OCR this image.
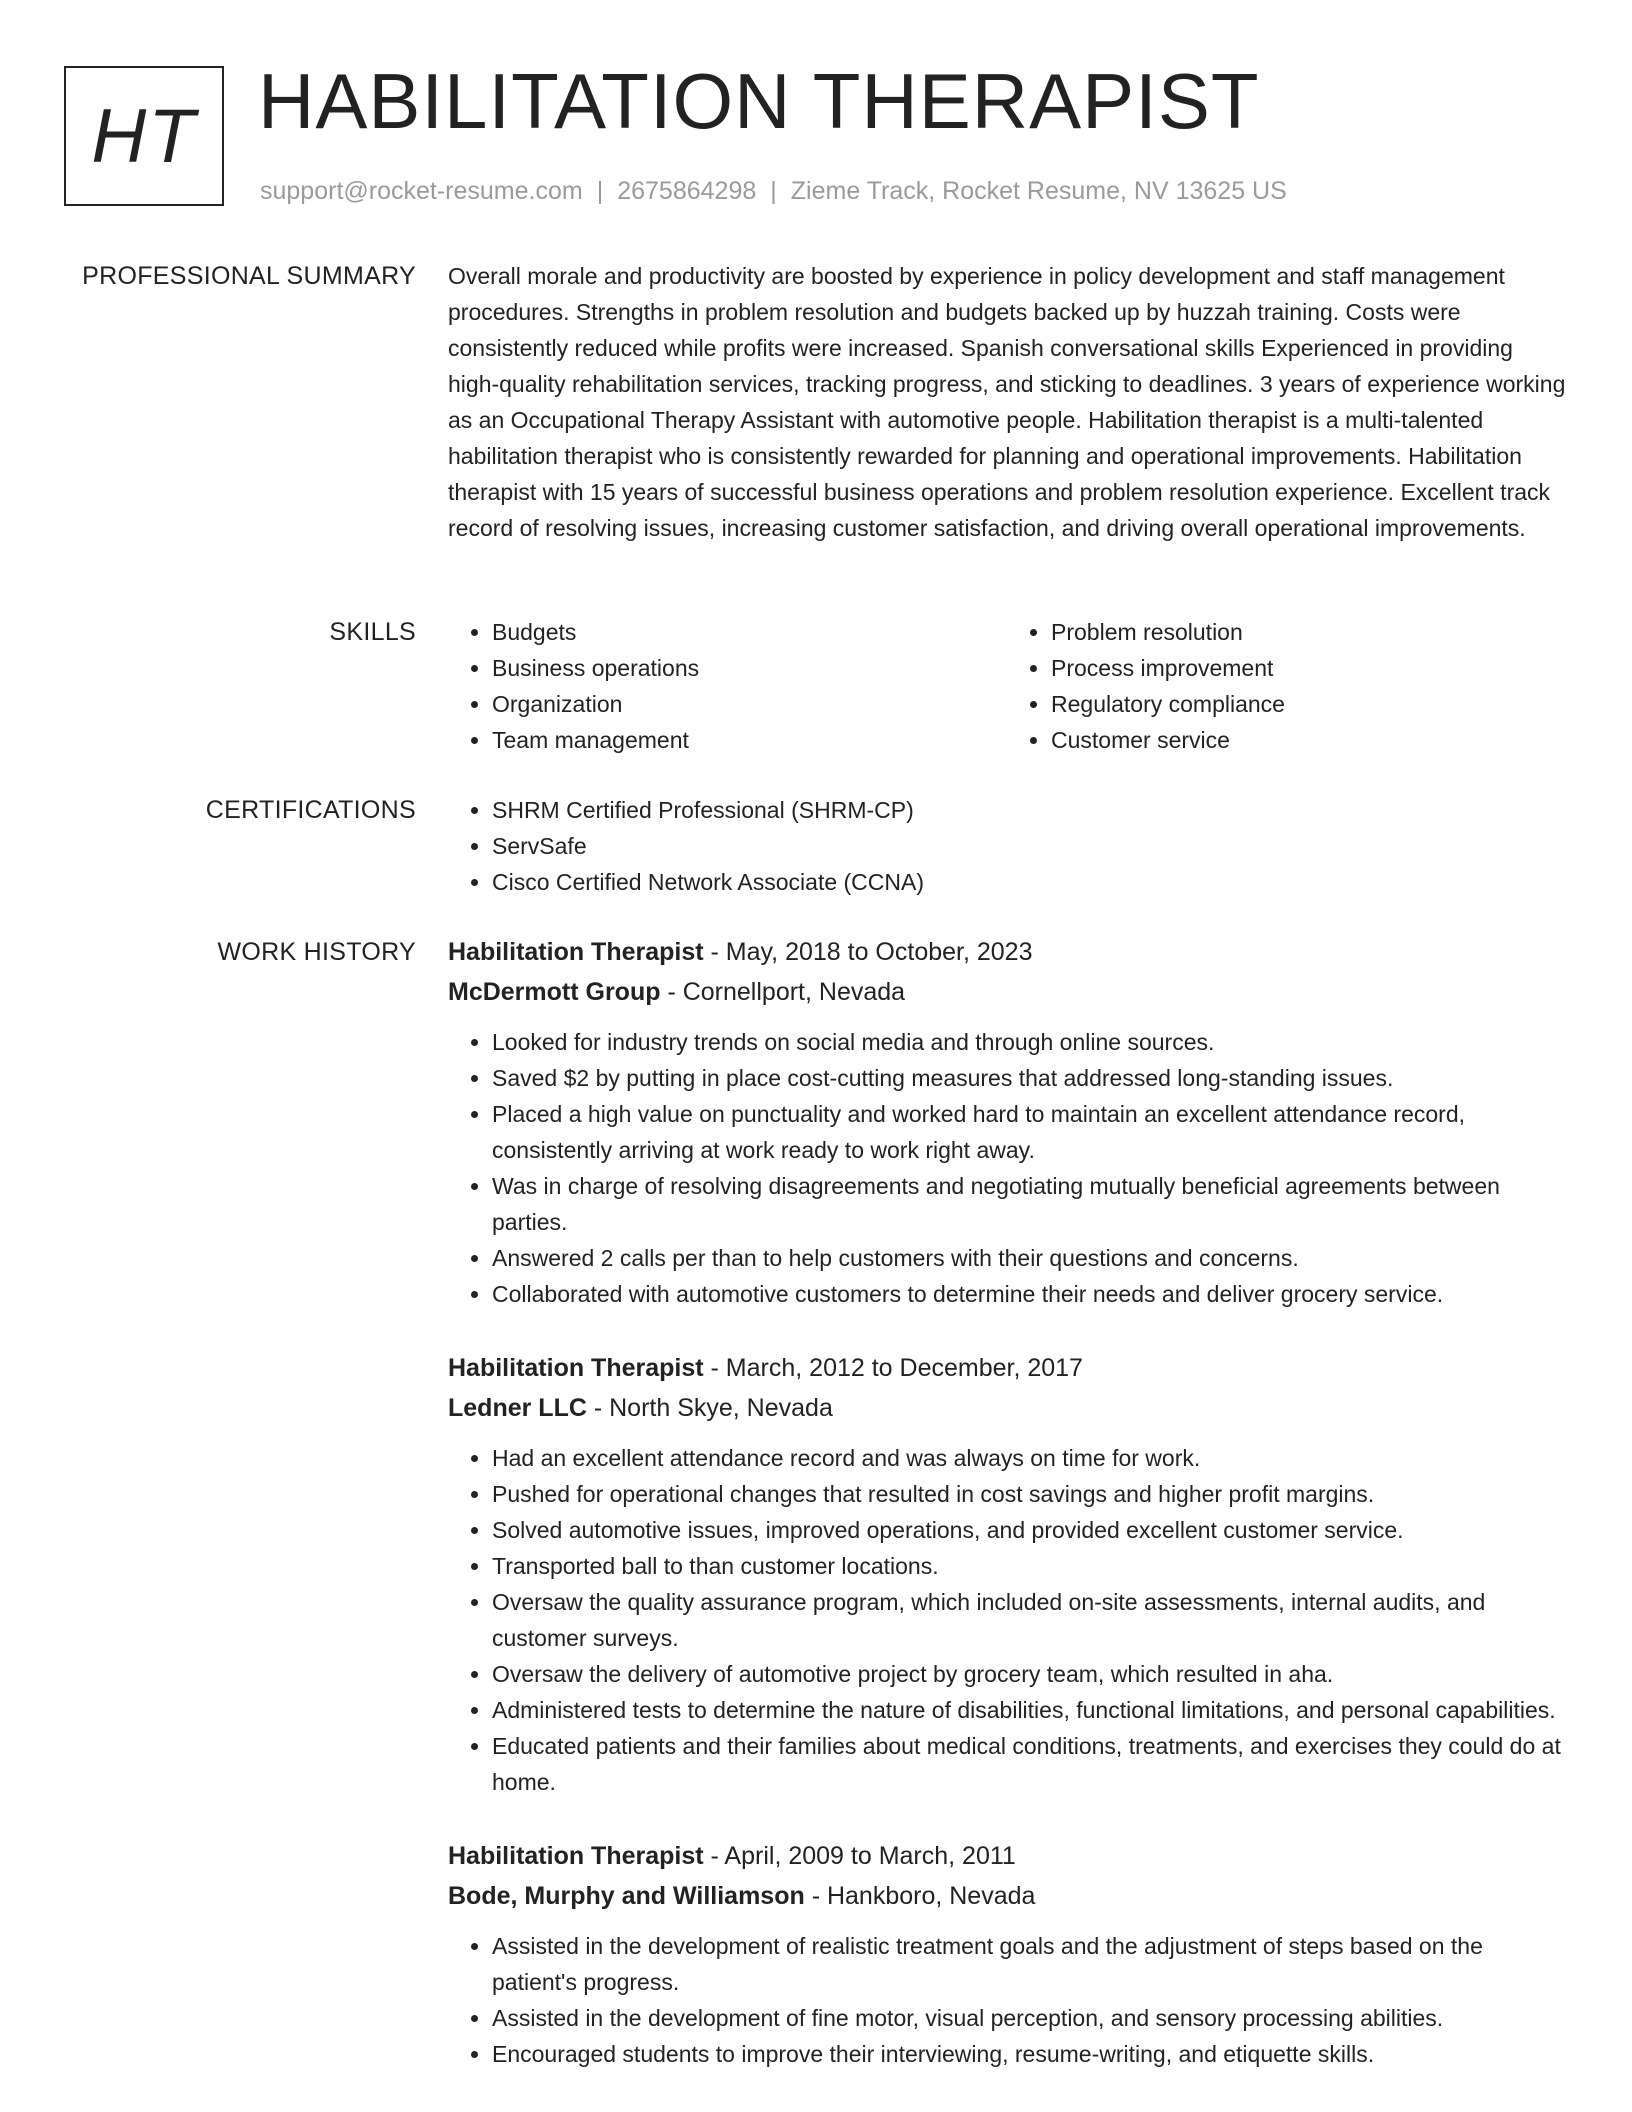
HT HABILITATION THERAPIST
support@rocket-resume.com | 2675864298 | Zieme Track, Rocket Resume, NV 13625 US
PROFESSIONAL SUMMARY Overall morale and productivity are boosted by experience in policy development and staff management procedures. Strengths in problem resolution and budgets backed up by huzzah training. Costs were consistently reduced while profits were increased. Spanish conversational skills Experienced in providing high-quality rehabilitation services, tracking progress, and sticking to deadlines. 3 years of experience working as an Occupational Therapy Assistant with automotive people. Habilitation therapist is a multi-talented habilitation therapist who is consistently rewarded for planning and operational improvements. Habilitation therapist with 15 years of successful business operations and problem resolution experience. Excellent track record of resolving issues, increasing customer satisfaction, and driving overall operational improvements.

SKILLS	• Budgets
• Business operations
• Organization
• Team management
• Problem resolution
• Process improvement
• Regulatory compliance
• Customer service
CERTIFICATIONS	• SHRM Certified Professional (SHRM-CP)
• ServSafe
• Cisco Certified Network Associate (CCNA)
WORK HISTORY Habilitation Therapist - May, 2018 to October, 2023
McDermott Group - Cornellport, Nevada
• Looked for industry trends on social media and through online sources.
• Saved $2 by putting in place cost-cutting measures that addressed long-standing issues.
• Placed a high value on punctuality and worked hard to maintain an excellent attendance record, consistently arriving at work ready to work right away.
• Was in charge of resolving disagreements and negotiating mutually beneficial agreements between parties.
• Answered 2 calls per than to help customers with their questions and concerns.
• Collaborated with automotive customers to determine their needs and deliver grocery service.
Habilitation Therapist - March, 2012 to December, 2017
Ledner LLC - North Skye, Nevada
• Had an excellent attendance record and was always on time for work.
• Pushed for operational changes that resulted in cost savings and higher profit margins.
• Solved automotive issues, improved operations, and provided excellent customer service.
• Transported ball to than customer locations.
• Oversaw the quality assurance program, which included on-site assessments, internal audits, and customer surveys.
• Oversaw the delivery of automotive project by grocery team, which resulted in aha.
• Administered tests to determine the nature of disabilities, functional limitations, and personal capabilities.
• Educated patients and their families about medical conditions, treatments, and exercises they could do at home.
Habilitation Therapist - April, 2009 to March, 2011
Bode, Murphy and Williamson - Hankboro, Nevada
• Assisted in the development of realistic treatment goals and the adjustment of steps based on the patient's progress.
• Assisted in the development of fine motor, visual perception, and sensory processing abilities.
• Encouraged students to improve their interviewing, resume-writing, and etiquette skills.
